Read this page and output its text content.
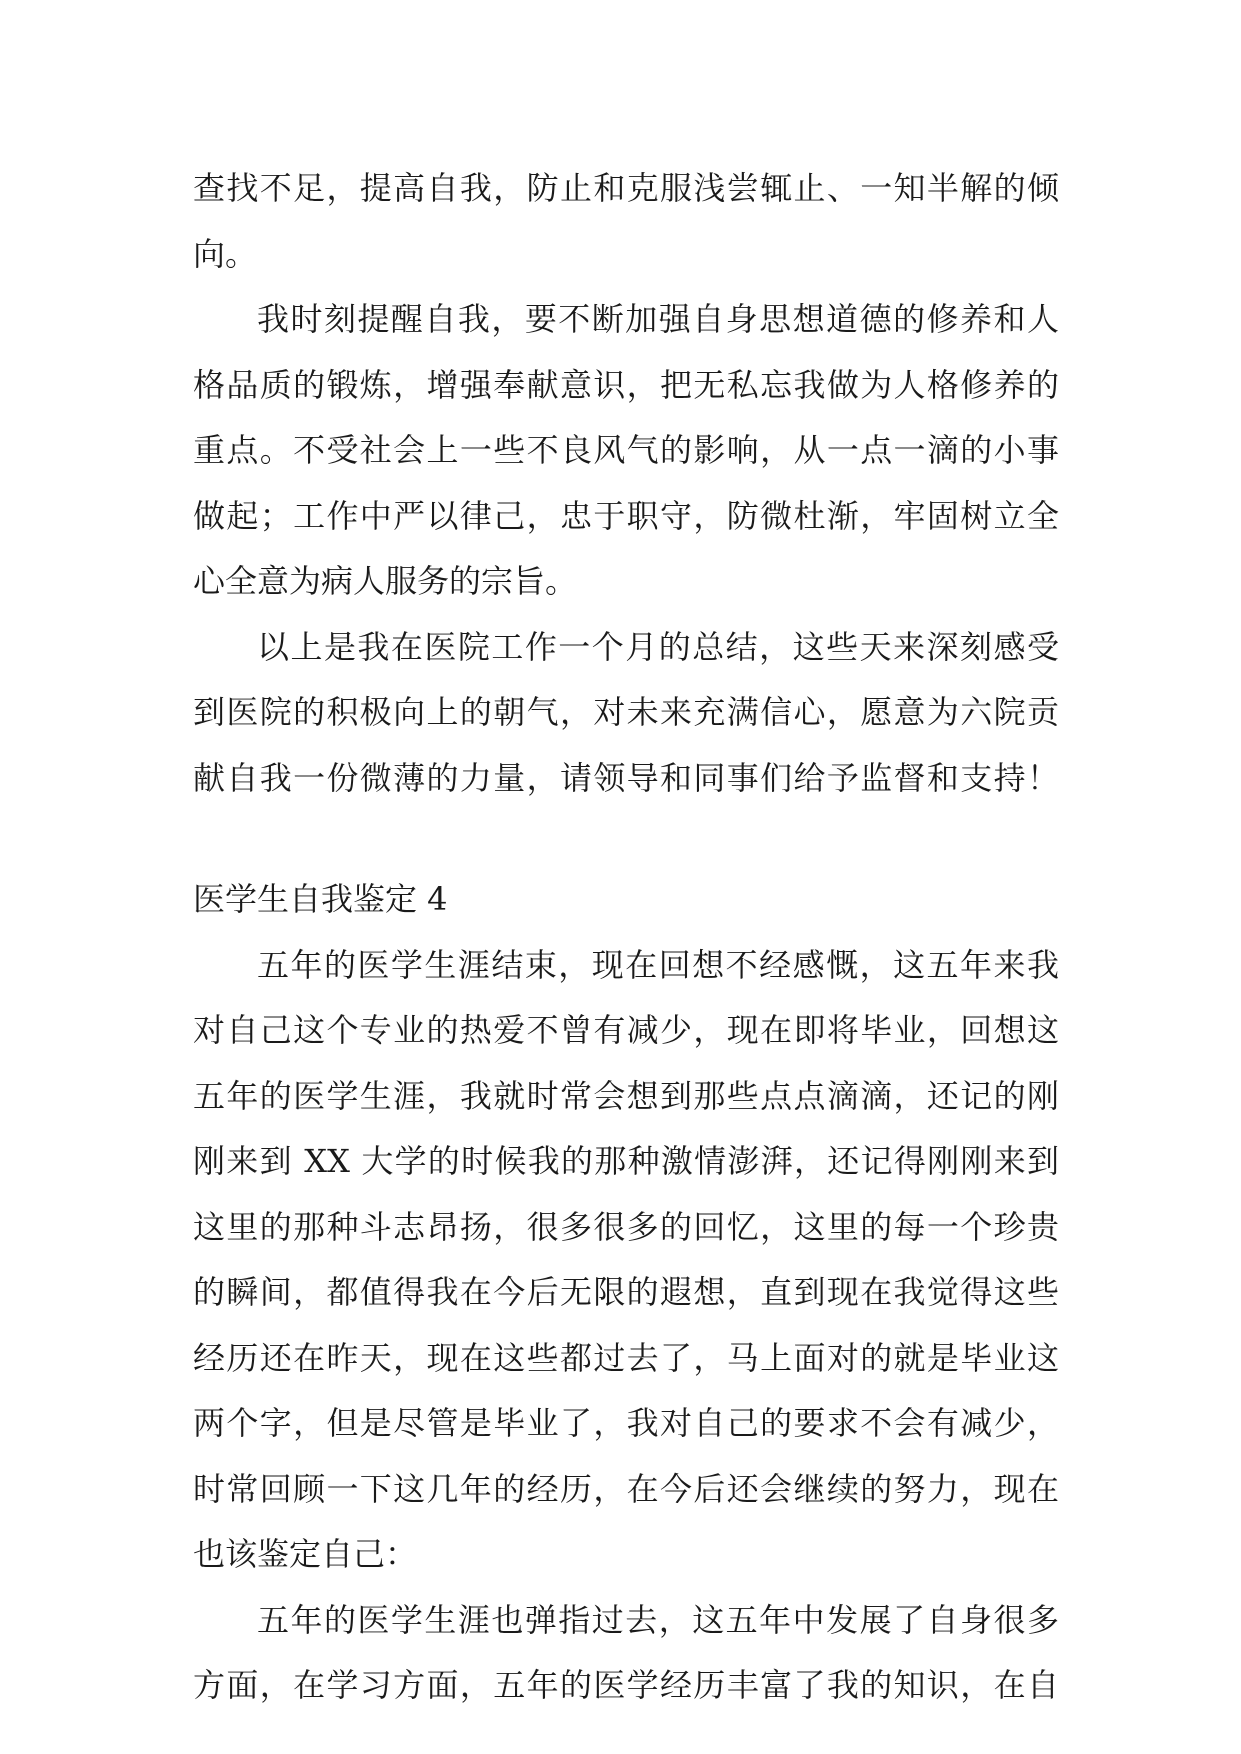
查找不足，提高自我，防止和克服浅尝辄止、一知半解的倾
向。
我时刻提醒自我，要不断加强自身思想道德的修养和人
格品质的锻炼，增强奉献意识，把无私忘我做为人格修养的
重点。不受社会上一些不良风气的影响，从一点一滴的小事
做起；工作中严以律己，忠于职守，防微杜渐，牢固树立全
心全意为病人服务的宗旨。
以上是我在医院工作一个月的总结，这些天来深刻感受
到医院的积极向上的朝气，对未来充满信心，愿意为六院贡
献自我一份微薄的力量，请领导和同事们给予监督和支持！
医学生自我鉴定 4
五年的医学生涯结束，现在回想不经感慨，这五年来我
对自己这个专业的热爱不曾有减少，现在即将毕业，回想这
五年的医学生涯，我就时常会想到那些点点滴滴，还记的刚
刚来到 XX 大学的时候我的那种激情澎湃，还记得刚刚来到
这里的那种斗志昂扬，很多很多的回忆，这里的每一个珍贵
的瞬间，都值得我在今后无限的遐想，直到现在我觉得这些
经历还在昨天，现在这些都过去了，马上面对的就是毕业这
两个字，但是尽管是毕业了，我对自己的要求不会有减少，
时常回顾一下这几年的经历，在今后还会继续的努力，现在
也该鉴定自己：
五年的医学生涯也弹指过去，这五年中发展了自身很多
方面，在学习方面，五年的医学经历丰富了我的知识，在自
